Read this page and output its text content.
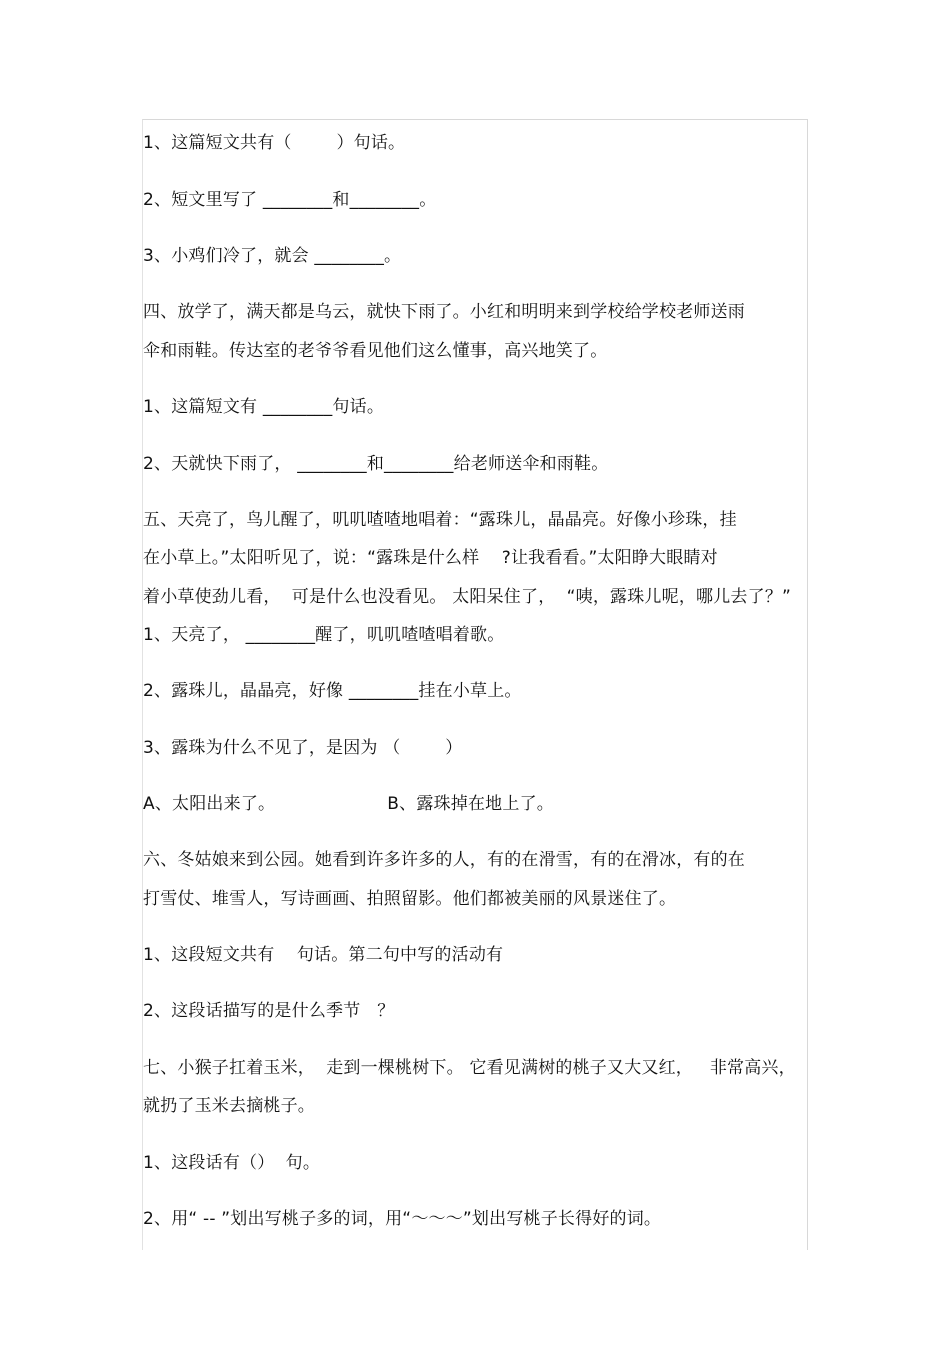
1、这篇短文共有（        ）句话。
2、短文里写了 ________和________。
3、小鸡们冷了，就会 ________。
四、放学了，满天都是乌云，就快下雨了。小红和明明来到学校给学校老师送雨
伞和雨鞋。传达室的老爷爷看见他们这么懂事，高兴地笑了。
1、这篇短文有 ________句话。
2、天就快下雨了， ________和________给老师送伞和雨鞋。
五、天亮了，鸟儿醒了，叽叽喳喳地唱着：“露珠儿，晶晶亮。好像小珍珠，挂
在小草上。”太阳听见了，说：“露珠是什么样    ?让我看看。”太阳睁大眼睛对
着小草使劲儿看，  可是什么也没看见。 太阳呆住了，  “咦，露珠儿呢，哪儿去了？”
1、天亮了， ________醒了，叽叽喳喳唱着歌。
2、露珠儿，晶晶亮，好像 ________挂在小草上。
3、露珠为什么不见了，是因为 （        ）
A、太阳出来了。                    B、露珠掉在地上了。
六、冬姑娘来到公园。她看到许多许多的人，有的在滑雪，有的在滑冰，有的在
打雪仗、堆雪人，写诗画画、拍照留影。他们都被美丽的风景迷住了。
1、这段短文共有    句话。第二句中写的活动有
2、这段话描写的是什么季节   ？
七、小猴子扛着玉米，  走到一棵桃树下。 它看见满树的桃子又大又红，   非常高兴，
就扔了玉米去摘桃子。
1、这段话有（）  句。
2、用“ -- ”划出写桃子多的词，用“～～～”划出写桃子长得好的词。
